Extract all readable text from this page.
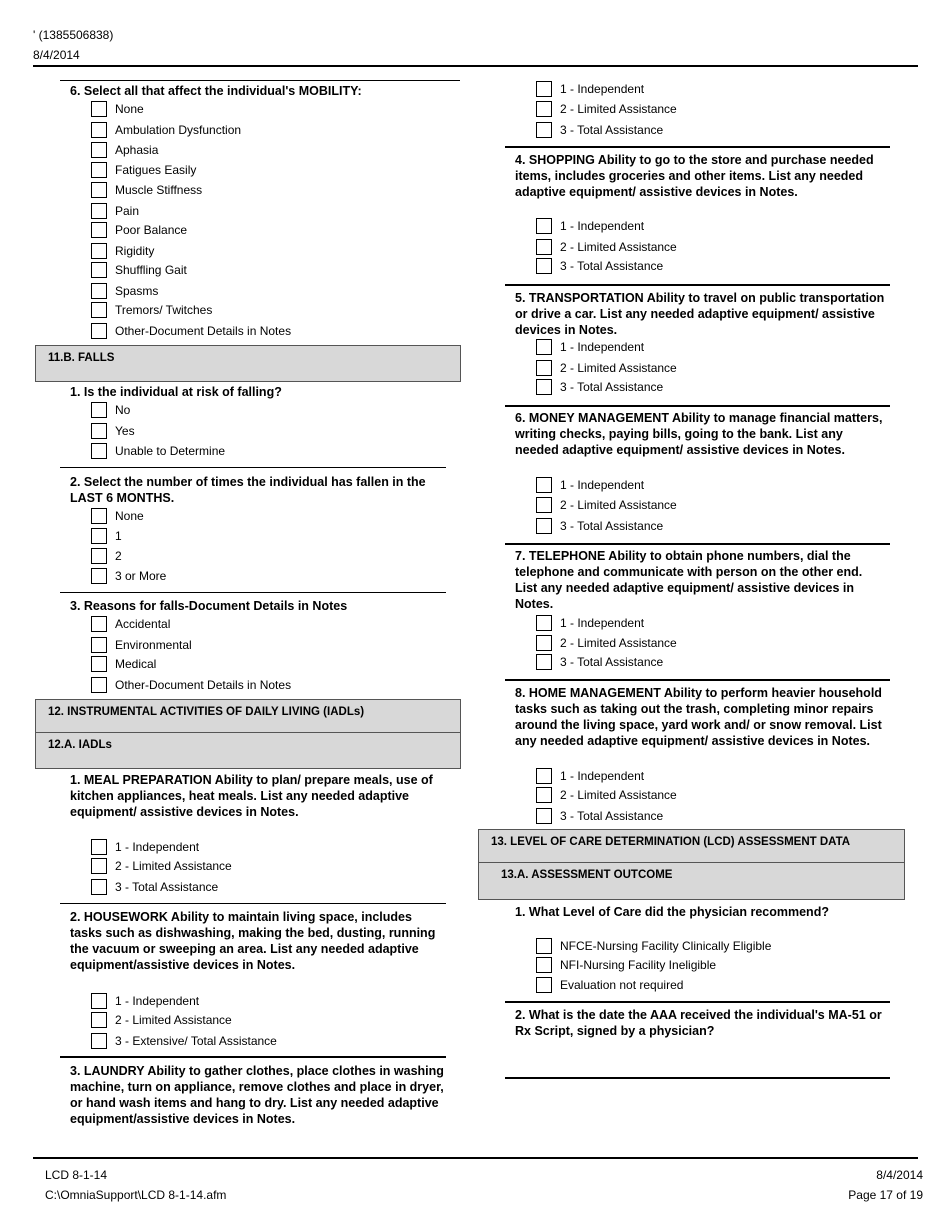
' (1385506838)
8/4/2014
6. Select all that affect the individual's MOBILITY:
None
Ambulation Dysfunction
Aphasia
Fatigues Easily
Muscle Stiffness
Pain
Poor Balance
Rigidity
Shuffling Gait
Spasms
Tremors/ Twitches
Other-Document Details in Notes
11.B. FALLS
1. Is the individual at risk of falling?
No
Yes
Unable to Determine
2. Select the number of times the individual has fallen in the LAST 6 MONTHS.
None
1
2
3 or More
3. Reasons for falls-Document Details in Notes
Accidental
Environmental
Medical
Other-Document Details in Notes
12. INSTRUMENTAL ACTIVITIES OF DAILY LIVING (IADLs)
12.A. IADLs
1. MEAL PREPARATION Ability to plan/ prepare meals, use of kitchen appliances, heat meals. List any needed adaptive equipment/ assistive devices in Notes.
1 - Independent
2 - Limited Assistance
3 - Total Assistance
2. HOUSEWORK Ability to maintain living space, includes tasks such as dishwashing, making the bed, dusting, running the vacuum or sweeping an area. List any needed adaptive equipment/assistive devices in Notes.
1 - Independent
2 - Limited Assistance
3 - Extensive/ Total Assistance
3. LAUNDRY Ability to gather clothes, place clothes in washing machine, turn on appliance, remove clothes and place in dryer, or hand wash items and hang to dry. List any needed adaptive equipment/assistive devices in Notes.
1 - Independent
2 - Limited Assistance
3 - Total Assistance
4. SHOPPING Ability to go to the store and purchase needed items, includes groceries and other items. List any needed adaptive equipment/ assistive devices in Notes.
1 - Independent
2 - Limited Assistance
3 - Total Assistance
5. TRANSPORTATION Ability to travel on public transportation or drive a car. List any needed adaptive equipment/ assistive devices in Notes.
1 - Independent
2 - Limited Assistance
3 - Total Assistance
6. MONEY MANAGEMENT Ability to manage financial matters, writing checks, paying bills, going to the bank. List any needed adaptive equipment/ assistive devices in Notes.
1 - Independent
2 - Limited Assistance
3 - Total Assistance
7. TELEPHONE Ability to obtain phone numbers, dial the telephone and communicate with person on the other end. List any needed adaptive equipment/ assistive devices in Notes.
1 - Independent
2 - Limited Assistance
3 - Total Assistance
8. HOME MANAGEMENT Ability to perform heavier household tasks such as taking out the trash, completing minor repairs around the living space, yard work and/ or snow removal. List any needed adaptive equipment/ assistive devices in Notes.
1 - Independent
2 - Limited Assistance
3 - Total Assistance
13. LEVEL OF CARE DETERMINATION (LCD) ASSESSMENT DATA
13.A. ASSESSMENT OUTCOME
1. What Level of Care did the physician recommend?
NFCE-Nursing Facility Clinically Eligible
NFI-Nursing Facility Ineligible
Evaluation not required
2. What is the date the AAA received the individual's MA-51 or Rx Script, signed by a physician?
LCD 8-1-14
C:\OmniaSupport\LCD 8-1-14.afm
8/4/2014
Page 17 of 19
